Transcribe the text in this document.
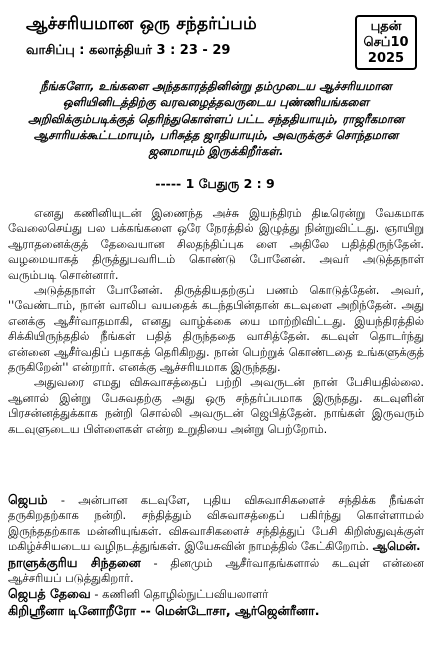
ஆச்சரியமான ஒரு சந்தர்ப்பம்	புதன்
செப்10
2025
வாசிப்பு : கலாத்தியர் 3 : 23 - 29
நீங்களோ, உங்களை அந்தகாரத்தினின்று தம்முடைய ஆச்சரியமான ஒளியினிடத்திற்கு வரவழைத்தவருடைய புண்ணியங்களை அறிவிக்கும்படிக்குத் தெரிந்துகொள்ளப் பட்ட சந்ததியாயும், ராஜரீகமான ஆசாரியக்கூட்டமாயும், பரிசுத்த ஜாதியாயும், அவருக்குச் சொந்தமான ஜனமாயும் இருக்கிறீர்கள்.
----- 1 பேதுரு 2 : 9

எனது கணினியுடன் இணைந்த அச்சு இயந்திரம் திடீரென்று வேகமாக வேலைசெய்து பல பக்கங்களை ஒரே நேரத்தில் இழுத்து நின்றுவிட்டது. ஞாயிறு ஆராதனைக்குத் தேவையான சிலதந்திப்புக ளை அதிலே பதித்திருந்தேன். வழமையாகத் திருத்துபவரிடம் கொண்டு போனேன். அவர் அடுத்தநாள் வரும்படி சொன்னார்.

அடுத்தநாள் போனேன். திருத்தியதற்குப் பணம் கொடுத்தேன். அவர், ''வேண்டாம், நான் வாலிப வயதைக் கடந்தபின்தான் கடவுளை அறிந்தேன். அது எனக்கு ஆசீர்வாதமாகி, எனது வாழ்க்கை யை மாற்றிவிட்டது. இயந்திரத்தில் சிக்கியிருந்ததில் நீங்கள் பதித் திருந்ததை வாசித்தேன். கடவுள் தொடர்ந்து என்னை ஆசீர்வதிப் பதாகத் தெரிகிறது. நான் பெற்றுக் கொண்டதை உங்களுக்குத் தருகிறேன்'' என்றார். எனக்கு ஆச்சரியமாக இருந்தது.

அதுவரை எமது விசுவாசத்தைப் பற்றி அவருடன் நான் பேசியதில்லை. ஆனால் இன்று பேசுவதற்கு அது ஒரு சந்தர்ப்பமாக இருந்தது. கடவுளின் பிரசன்னத்துக்காக நன்றி சொல்லி அவருடன் ஜெபித்தேன். நாங்கள் இருவரும் கடவுளுடைய பிள்ளைகள் என்ற உறுதியை அன்று பெற்றோம்.

ஜெபம் - அன்பான கடவுளே, புதிய விசுவாசிகளைச் சந்திக்க நீங்கள் தருகிறதற்காக நன்றி. சந்தித்தும் விசுவாசத்தைப் பகிர்ந்து கொள்ளாமல் இருந்ததற்காக மன்னியுங்கள். விசுவாசிகளைச் சந்தித்துப் பேசி கிறிஸ்துவுக்குள் மகிழ்ச்சியடைய வழிநடத்துங்கள். இயேசுவின் நாமத்தில் கேட்கிறோம். ஆமென்.

நாளுக்குரிய சிந்தனை - தினமும் ஆசீர்வாதங்களால் கடவுள் என்னை ஆச்சரியப் படுத்துகிறார்.

ஜெபத் தேவை - கணினி தொழில்நுட்பவியலாளர்

கிறிஸ்ரீனா டினோறீரோ -- மென்டோசா, ஆர்ஜென்ரீனா.
